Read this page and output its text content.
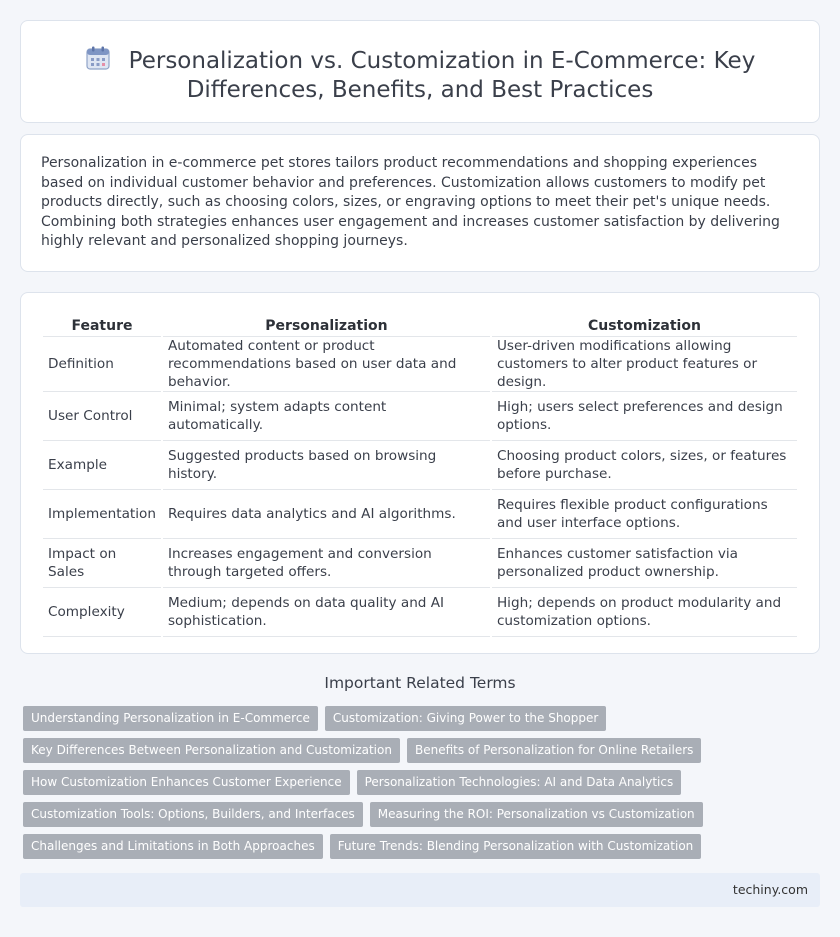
Personalization vs. Customization in E-Commerce: Key Differences, Benefits, and Best Practices

Personalization in e-commerce pet stores tailors product recommendations and shopping experiences based on individual customer behavior and preferences. Customization allows customers to modify pet products directly, such as choosing colors, sizes, or engraving options to meet their pet's unique needs. Combining both strategies enhances user engagement and increases customer satisfaction by delivering highly relevant and personalized shopping journeys.

Feature	Personalization	Customization
Definition	Automated content or product recommendations based on user data and behavior.	User-driven modifications allowing customers to alter product features or design.
User Control	Minimal; system adapts content automatically.	High; users select preferences and design options.
Example	Suggested products based on browsing history.	Choosing product colors, sizes, or features before purchase.
Implementation	Requires data analytics and AI algorithms.	Requires flexible product configurations and user interface options.
Impact on Sales	Increases engagement and conversion through targeted offers.	Enhances customer satisfaction via personalized product ownership.
Complexity	Medium; depends on data quality and AI sophistication.	High; depends on product modularity and customization options.
Important Related Terms
Understanding Personalization in E-Commerce	Customization: Giving Power to the Shopper
Key Differences Between Personalization and Customization	Benefits of Personalization for Online Retailers
How Customization Enhances Customer Experience	Personalization Technologies: AI and Data Analytics
Customization Tools: Options, Builders, and Interfaces	Measuring the ROI: Personalization vs Customization
Challenges and Limitations in Both Approaches	Future Trends: Blending Personalization with Customization
techiny.com
